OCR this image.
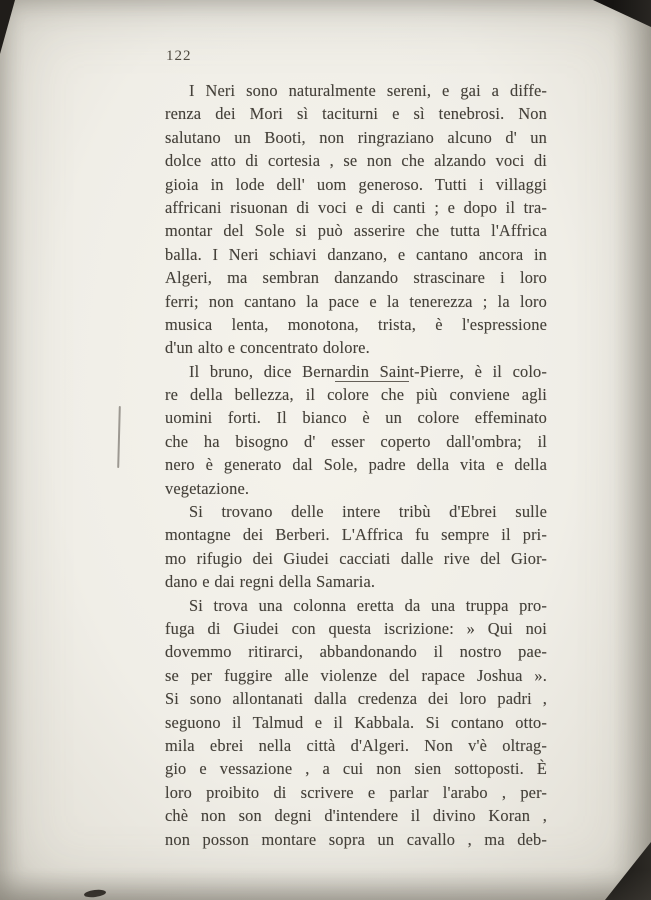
122
I Neri sono naturalmente sereni, e gai a diffe-
renza dei Mori sì taciturni e sì tenebrosi. Non
salutano un Booti, non ringraziano alcuno d' un
dolce atto di cortesia , se non che alzando voci di
gioia in lode dell' uom generoso. Tutti i villaggi
affricani risuonan di voci e di canti ; e dopo il tra-
montar del Sole si può asserire che tutta l'Affrica
balla. I Neri schiavi danzano, e cantano ancora in
Algeri, ma sembran danzando strascinare i loro
ferri; non cantano la pace e la tenerezza ; la loro
musica lenta, monotona, trista, è l'espressione
d'un alto e concentrato dolore.
Il bruno, dice Bernardin Saint-Pierre, è il colo-
re della bellezza, il colore che più conviene agli
uomini forti. Il bianco è un colore effeminato
che ha bisogno d' esser coperto dall'ombra; il
nero è generato dal Sole, padre della vita e della
vegetazione.
Si trovano delle intere tribù d'Ebrei sulle
montagne dei Berberi. L'Affrica fu sempre il pri-
mo rifugio dei Giudei cacciati dalle rive del Gior-
dano e dai regni della Samaria.
Si trova una colonna eretta da una truppa pro-
fuga di Giudei con questa iscrizione: » Qui noi
dovemmo ritirarci, abbandonando il nostro pae-
se per fuggire alle violenze del rapace Joshua ».
Si sono allontanati dalla credenza dei loro padri ,
seguono il Talmud e il Kabbala. Si contano otto-
mila ebrei nella città d'Algeri. Non v'è oltrag-
gio e vessazione , a cui non sien sottoposti. È
loro proibito di scrivere e parlar l'arabo , per-
chè non son degni d'intendere il divino Koran ,
non posson montare sopra un cavallo , ma deb-
